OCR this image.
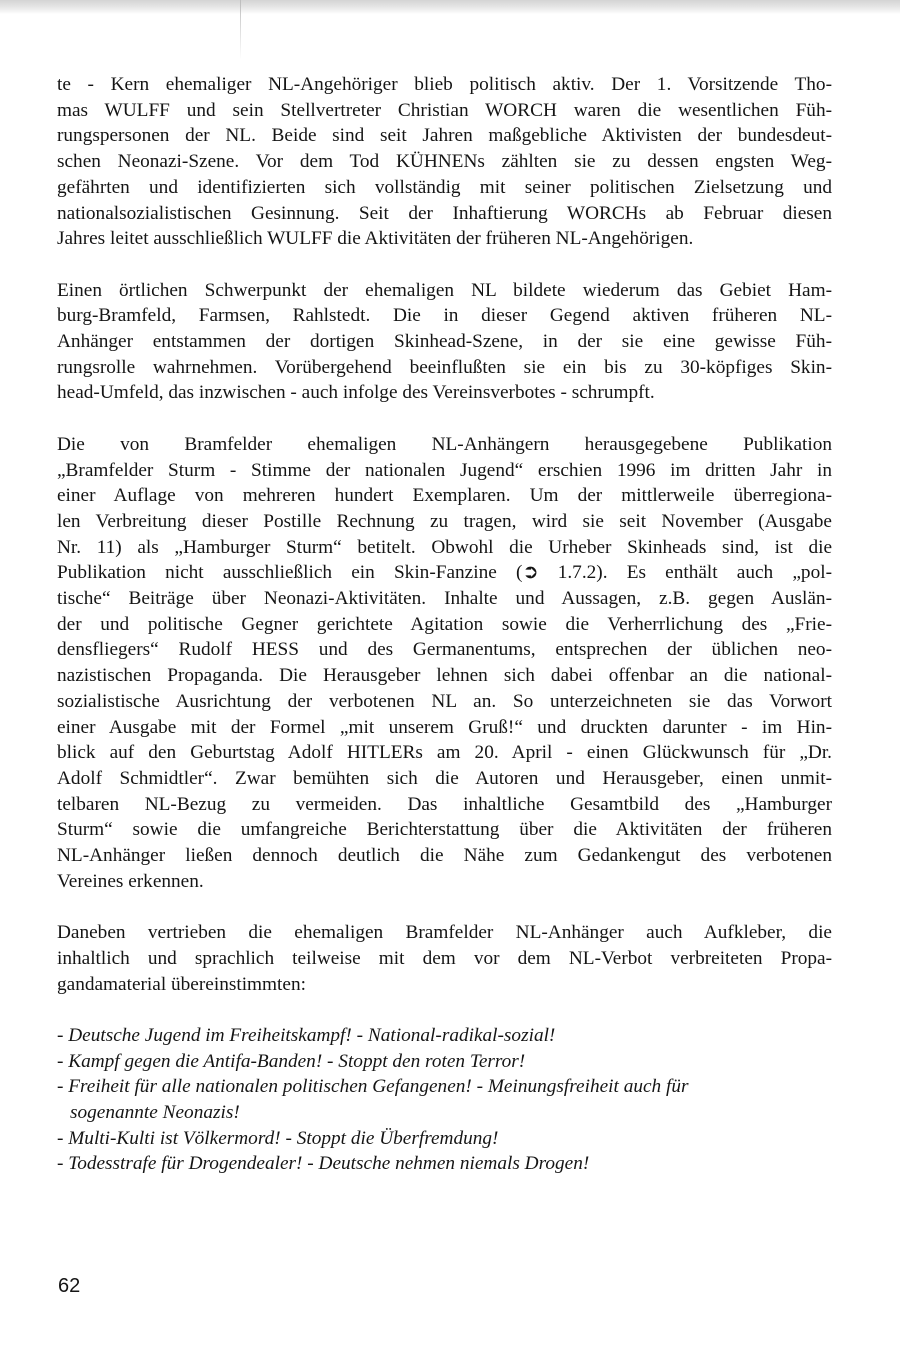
te - Kern ehemaliger NL-Angehöriger blieb politisch aktiv. Der 1. Vorsitzende Tho-
mas WULFF und sein Stellvertreter Christian WORCH waren die wesentlichen Füh-
rungspersonen der NL. Beide sind seit Jahren maßgebliche Aktivisten der bundesdeut-
schen Neonazi-Szene. Vor dem Tod KÜHNENs zählten sie zu dessen engsten Weg-
gefährten und identifizierten sich vollständig mit seiner politischen Zielsetzung und
nationalsozialistischen Gesinnung. Seit der Inhaftierung WORCHs ab Februar diesen
Jahres leitet ausschließlich WULFF die Aktivitäten der früheren NL-Angehörigen.

Einen örtlichen Schwerpunkt der ehemaligen NL bildete wiederum das Gebiet Ham-
burg-Bramfeld, Farmsen, Rahlstedt. Die in dieser Gegend aktiven früheren NL-
Anhänger entstammen der dortigen Skinhead-Szene, in der sie eine gewisse Füh-
rungsrolle wahrnehmen. Vorübergehend beeinflußten sie ein bis zu 30-köpfiges Skin-
head-Umfeld, das inzwischen - auch infolge des Vereinsverbotes - schrumpft.

Die von Bramfelder ehemaligen NL-Anhängern herausgegebene Publikation
„Bramfelder Sturm - Stimme der nationalen Jugend“ erschien 1996 im dritten Jahr in
einer Auflage von mehreren hundert Exemplaren. Um der mittlerweile überregiona-
len Verbreitung dieser Postille Rechnung zu tragen, wird sie seit November (Ausgabe
Nr. 11) als „Hamburger Sturm“ betitelt. Obwohl die Urheber Skinheads sind, ist die
Publikation nicht ausschließlich ein Skin-Fanzine (➲ 1.7.2). Es enthält auch „pol-
tische“ Beiträge über Neonazi-Aktivitäten. Inhalte und Aussagen, z.B. gegen Auslän-
der und politische Gegner gerichtete Agitation sowie die Verherrlichung des „Frie-
densfliegers“ Rudolf HESS und des Germanentums, entsprechen der üblichen neo-
nazistischen Propaganda. Die Herausgeber lehnen sich dabei offenbar an die national-
sozialistische Ausrichtung der verbotenen NL an. So unterzeichneten sie das Vorwort
einer Ausgabe mit der Formel „mit unserem Gruß!“ und druckten darunter - im Hin-
blick auf den Geburtstag Adolf HITLERs am 20. April - einen Glückwunsch für „Dr.
Adolf Schmidtler“. Zwar bemühten sich die Autoren und Herausgeber, einen unmit-
telbaren NL-Bezug zu vermeiden. Das inhaltliche Gesamtbild des „Hamburger
Sturm“ sowie die umfangreiche Berichterstattung über die Aktivitäten der früheren
NL-Anhänger ließen dennoch deutlich die Nähe zum Gedankengut des verbotenen
Vereines erkennen.

Daneben vertrieben die ehemaligen Bramfelder NL-Anhänger auch Aufkleber, die
inhaltlich und sprachlich teilweise mit dem vor dem NL-Verbot verbreiteten Propa-
gandamaterial übereinstimmten:

- Deutsche Jugend im Freiheitskampf! - National-radikal-sozial!
- Kampf gegen die Antifa-Banden! - Stoppt den roten Terror!
- Freiheit für alle nationalen politischen Gefangenen! - Meinungsfreiheit auch für
sogenannte Neonazis!
- Multi-Kulti ist Völkermord! - Stoppt die Überfremdung!
- Todesstrafe für Drogendealer! - Deutsche nehmen niemals Drogen!
62
